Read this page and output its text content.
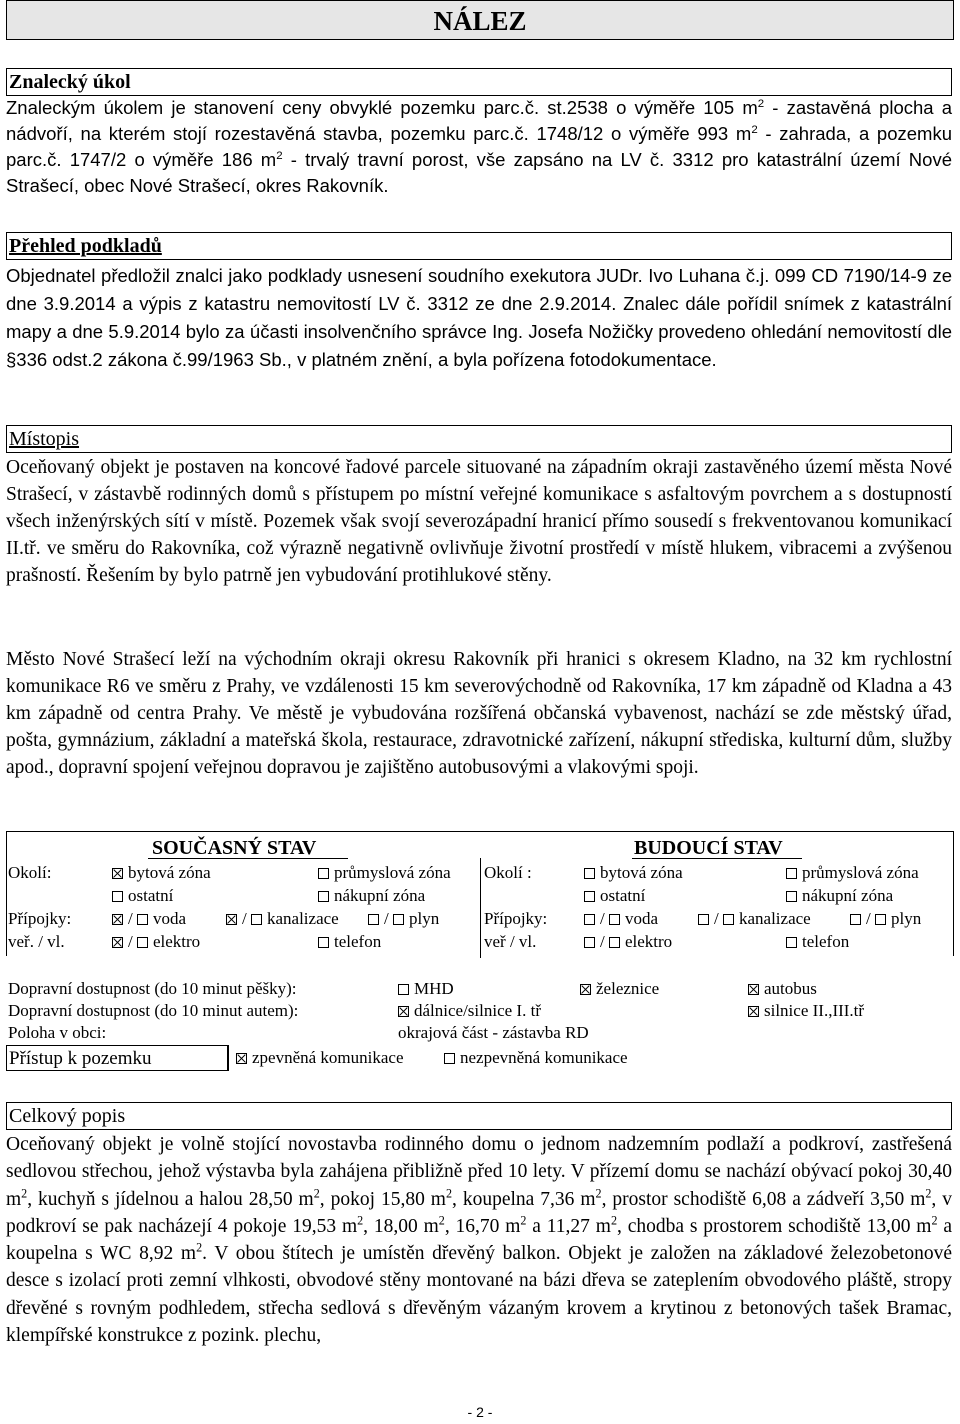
NÁLEZ
Znalecký úkol
Znaleckým úkolem je stanovení ceny obvyklé pozemku parc.č. st.2538 o výměře 105 $m^2$ - zastavěná plocha a nádvoří, na kterém stojí rozestavěná stavba, pozemku parc.č. 1748/12 o výměře 993 $m^2$ - zahrada, a pozemku parc.č. 1747/2 o výměře 186 $m^2$ - trvalý travní porost, vše zapsáno na LV č. 3312 pro katastrální území Nové Strašecí, obec Nové Strašecí, okres Rakovník.
Přehled podkladů
Objednatel předložil znalci jako podklady usnesení soudního exekutora JUDr. Ivo Luhana č.j. 099 CD 7190/14-9 ze dne 3.9.2014 a výpis z katastru nemovitostí LV č. 3312 ze dne 2.9.2014. Znalec dále pořídil snímek z katastrální mapy a dne 5.9.2014 bylo za účasti insolvenčního správce Ing. Josefa Nožičky provedeno ohledání nemovitostí dle §336 odst.2 zákona č.99/1963 Sb., v platném znění, a byla pořízena fotodokumentace.
Místopis
Oceňovaný objekt je postaven na koncové řadové parcele situované na západním okraji zastavěného území města Nové Strašecí, v zástavbě rodinných domů s přístupem po místní veřejné komunikace s asfaltovým povrchem a s dostupností všech inženýrských sítí v místě. Pozemek však svojí severozápadní hranicí přímo sousedí s frekventovanou komunikací II.tř. ve směru do Rakovníka, což výrazně negativně ovlivňuje životní prostředí v místě hlukem, vibracemi a zvýšenou prašností. Řešením by bylo patrně jen vybudování protihlukové stěny.
Město Nové Strašecí leží na východním okraji okresu Rakovník při hranici s okresem Kladno, na 32 km rychlostní komunikace R6 ve směru z Prahy, ve vzdálenosti 15 km severovýchodně od Rakovníka, 17 km západně od Kladna a 43 km západně od centra Prahy. Ve městě je vybudována rozšířená občanská vybavenost, nachází se zde městský úřad, pošta, gymnázium, základní a mateřská škola, restaurace, zdravotnické zařízení, nákupní střediska, kulturní dům, služby apod., dopravní spojení veřejnou dopravou je zajištěno autobusovými a vlakovými spoji.
SOUČASNÝ STAV	BUDOUCÍ STAV
Okolí:	bytová zóna	průmyslová zóna
ostatní	nákupní zóna
Přípojky:	/ voda	/ kanalizace	/ plyn
veř. / vl.	/ elektro	telefon
Okolí :	bytová zóna	průmyslová zóna
ostatní	nákupní zóna
Přípojky:	/ voda	/ kanalizace	/ plyn
veř / vl.	/ elektro	telefon
Dopravní dostupnost (do 10 minut pěšky):	MHD	železnice	autobus
Dopravní dostupnost (do 10 minut autem):	dálnice/silnice I. tř	silnice II.,III.tř
Poloha v obci:	okrajová část - zástavba RD
Přístup k pozemku	zpevněná komunikace	nezpevněná komunikace
Celkový popis
Oceňovaný objekt je volně stojící novostavba rodinného domu o jednom nadzemním podlaží a podkroví, zastřešená sedlovou střechou, jehož výstavba byla zahájena přibližně před 10 lety. V přízemí domu se nachází obývací pokoj 30,40 $m^2$, kuchyň s jídelnou a halou 28,50 $m^2$, pokoj 15,80 $m^2$, koupelna 7,36 $m^2$, prostor schodiště 6,08 a zádveří 3,50 $m^2$, v podkroví se pak nacházejí 4 pokoje 19,53 $m^2$, 18,00 $m^2$, 16,70 $m^2$ a 11,27 $m^2$, chodba s prostorem schodiště 13,00 $m^2$ a koupelna s WC 8,92 $m^2$. V obou štítech je umístěn dřevěný balkon. Objekt je založen na základové železobetonové desce s izolací proti zemní vlhkosti, obvodové stěny montované na bázi dřeva se zateplením obvodového pláště, stropy dřevěné s rovným podhledem, střecha sedlová s dřevěným vázaným krovem a krytinou z betonových tašek Bramac, klempířské konstrukce z pozink. plechu,
- 2 -
